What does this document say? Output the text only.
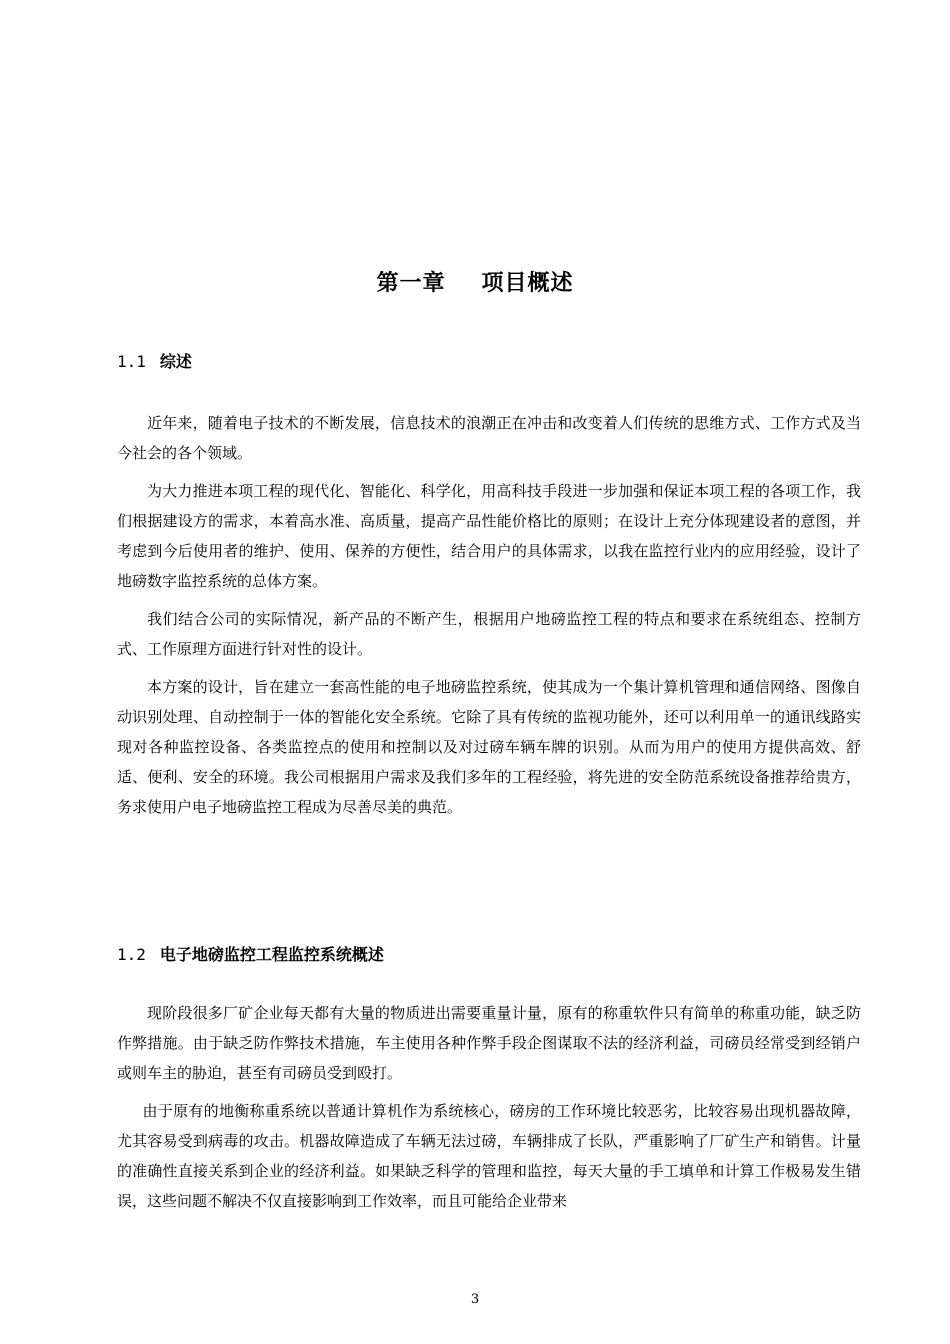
第一章 项目概述
1.1 综述

近年来，随着电子技术的不断发展，信息技术的浪潮正在冲击和改变着人们传统的思维方式、工作方式及当今社会的各个领域。

为大力推进本项工程的现代化、智能化、科学化，用高科技手段进一步加强和保证本项工程的各项工作，我们根据建设方的需求，本着高水准、高质量，提高产品性能价格比的原则；在设计上充分体现建设者的意图，并考虑到今后使用者的维护、使用、保养的方便性，结合用户的具体需求，以我在监控行业内的应用经验，设计了地磅数字监控系统的总体方案。

我们结合公司的实际情况，新产品的不断产生，根据用户地磅监控工程的特点和要求在系统组态、控制方式、工作原理方面进行针对性的设计。

本方案的设计，旨在建立一套高性能的电子地磅监控系统，使其成为一个集计算机管理和通信网络、图像自动识别处理、自动控制于一体的智能化安全系统。它除了具有传统的监视功能外，还可以利用单一的通讯线路实现对各种监控设备、各类监控点的使用和控制以及对过磅车辆车牌的识别。从而为用户的使用方提供高效、舒适、便利、安全的环境。我公司根据用户需求及我们多年的工程经验，将先进的安全防范系统设备推荐给贵方，务求使用户电子地磅监控工程成为尽善尽美的典范。

1.2 电子地磅监控工程监控系统概述

现阶段很多厂矿企业每天都有大量的物质进出需要重量计量，原有的称重软件只有简单的称重功能，缺乏防作弊措施。由于缺乏防作弊技术措施，车主使用各种作弊手段企图谋取不法的经济利益，司磅员经常受到经销户或则车主的胁迫，甚至有司磅员受到殴打。

由于原有的地衡称重系统以普通计算机作为系统核心，磅房的工作环境比较恶劣，比较容易出现机器故障，尤其容易受到病毒的攻击。机器故障造成了车辆无法过磅，车辆排成了长队，严重影响了厂矿生产和销售。计量的准确性直接关系到企业的经济利益。如果缺乏科学的管理和监控，每天大量的手工填单和计算工作极易发生错误，这些问题不解决不仅直接影响到工作效率，而且可能给企业带来

3
